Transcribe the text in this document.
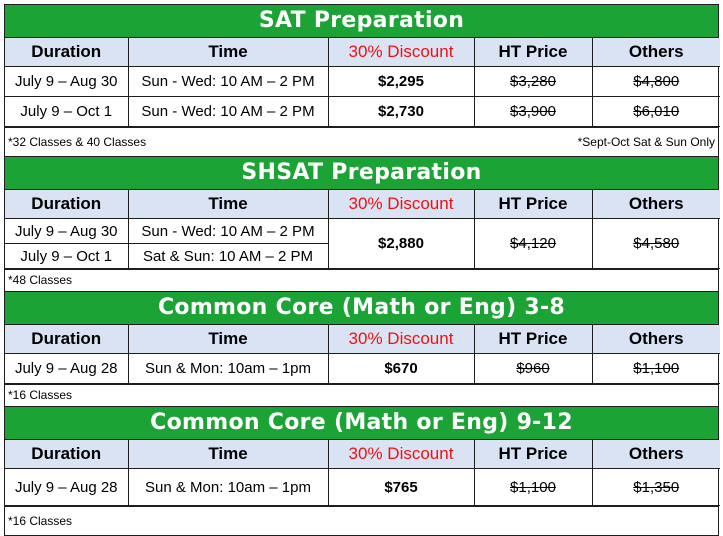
SAT Preparation
Duration	Time	30% Discount	HT Price	Others
July 9 – Aug 30	Sun - Wed: 10 AM – 2 PM	$2,295	$3,280	$4,800
July 9 – Oct 1	Sun - Wed: 10 AM – 2 PM	$2,730	$3,900	$6,010
*32 Classes & 40 Classes	*Sept-Oct Sat & Sun Only
SHSAT Preparation
Duration	Time	30% Discount	HT Price	Others
July 9 – Aug 30	Sun - Wed: 10 AM – 2 PM	$2,880	$4,120	$4,580
July 9 – Oct 1	Sat & Sun: 10 AM – 2 PM			
*48 Classes
Common Core (Math or Eng) 3-8
Duration	Time	30% Discount	HT Price	Others
July 9 – Aug 28	Sun & Mon: 10am – 1pm	$670	$960	$1,100
*16 Classes
Common Core (Math or Eng) 9-12
Duration	Time	30% Discount	HT Price	Others
July 9 – Aug 28	Sun & Mon: 10am – 1pm	$765	$1,100	$1,350
*16 Classes
